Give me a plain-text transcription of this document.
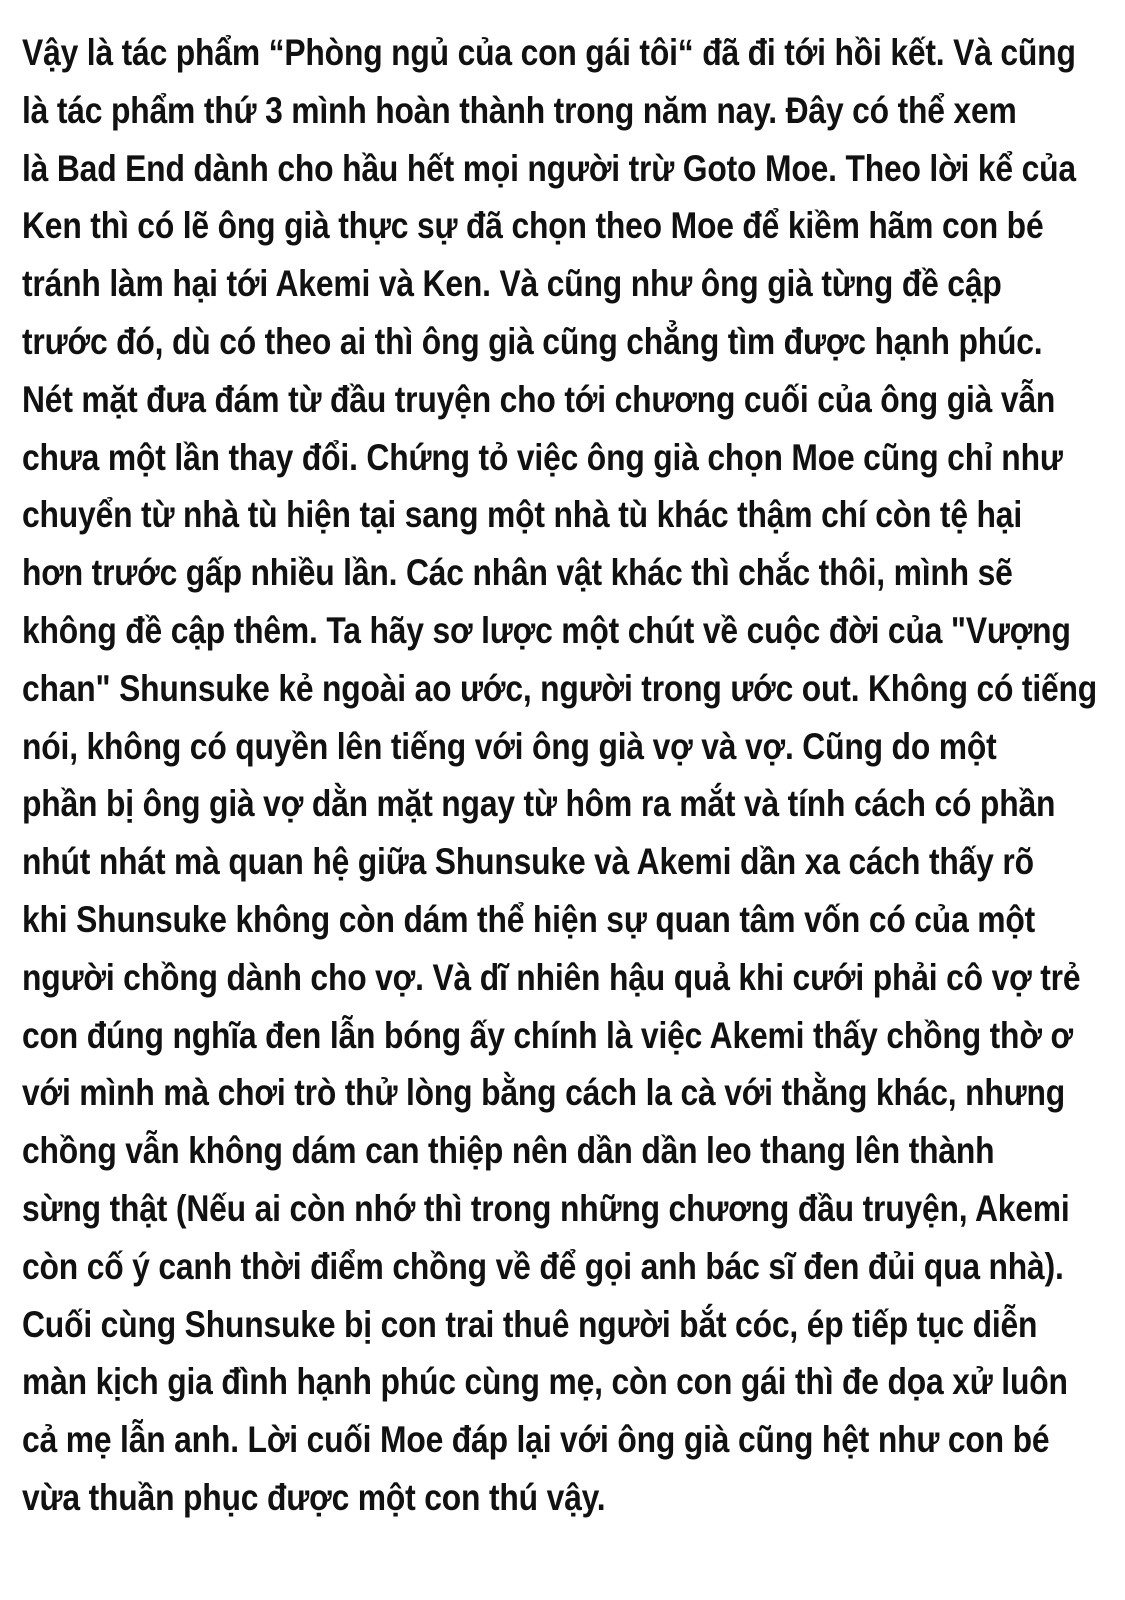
Vậy là tác phẩm “Phòng ngủ của con gái tôi“ đã đi tới hồi kết. Và cũng
là tác phẩm thứ 3 mình hoàn thành trong năm nay. Đây có thể xem
là Bad End dành cho hầu hết mọi người trừ Goto Moe. Theo lời kể của
Ken thì có lẽ ông già thực sự đã chọn theo Moe để kiềm hãm con bé
tránh làm hại tới Akemi và Ken. Và cũng như ông già từng đề cập
trước đó, dù có theo ai thì ông già cũng chẳng tìm được hạnh phúc.
Nét mặt đưa đám từ đầu truyện cho tới chương cuối của ông già vẫn
chưa một lần thay đổi. Chứng tỏ việc ông già chọn Moe cũng chỉ như
chuyển từ nhà tù hiện tại sang một nhà tù khác thậm chí còn tệ hại
hơn trước gấp nhiều lần. Các nhân vật khác thì chắc thôi, mình sẽ
không đề cập thêm. Ta hãy sơ lược một chút về cuộc đời của "Vượng
chan" Shunsuke kẻ ngoài ao ước, người trong ước out. Không có tiếng
nói, không có quyền lên tiếng với ông già vợ và vợ. Cũng do một
phần bị ông già vợ dằn mặt ngay từ hôm ra mắt và tính cách có phần
nhút nhát mà quan hệ giữa Shunsuke và Akemi dần xa cách thấy rõ
khi Shunsuke không còn dám thể hiện sự quan tâm vốn có của một
người chồng dành cho vợ. Và dĩ nhiên hậu quả khi cưới phải cô vợ trẻ
con đúng nghĩa đen lẫn bóng ấy chính là việc Akemi thấy chồng thờ ơ
với mình mà chơi trò thử lòng bằng cách la cà với thằng khác, nhưng
chồng vẫn không dám can thiệp nên dần dần leo thang lên thành
sừng thật (Nếu ai còn nhớ thì trong những chương đầu truyện, Akemi
còn cố ý canh thời điểm chồng về để gọi anh bác sĩ đen đủi qua nhà).
Cuối cùng Shunsuke bị con trai thuê người bắt cóc, ép tiếp tục diễn
màn kịch gia đình hạnh phúc cùng mẹ, còn con gái thì đe dọa xử luôn
cả mẹ lẫn anh. Lời cuối Moe đáp lại với ông già cũng hệt như con bé
vừa thuần phục được một con thú vậy.
